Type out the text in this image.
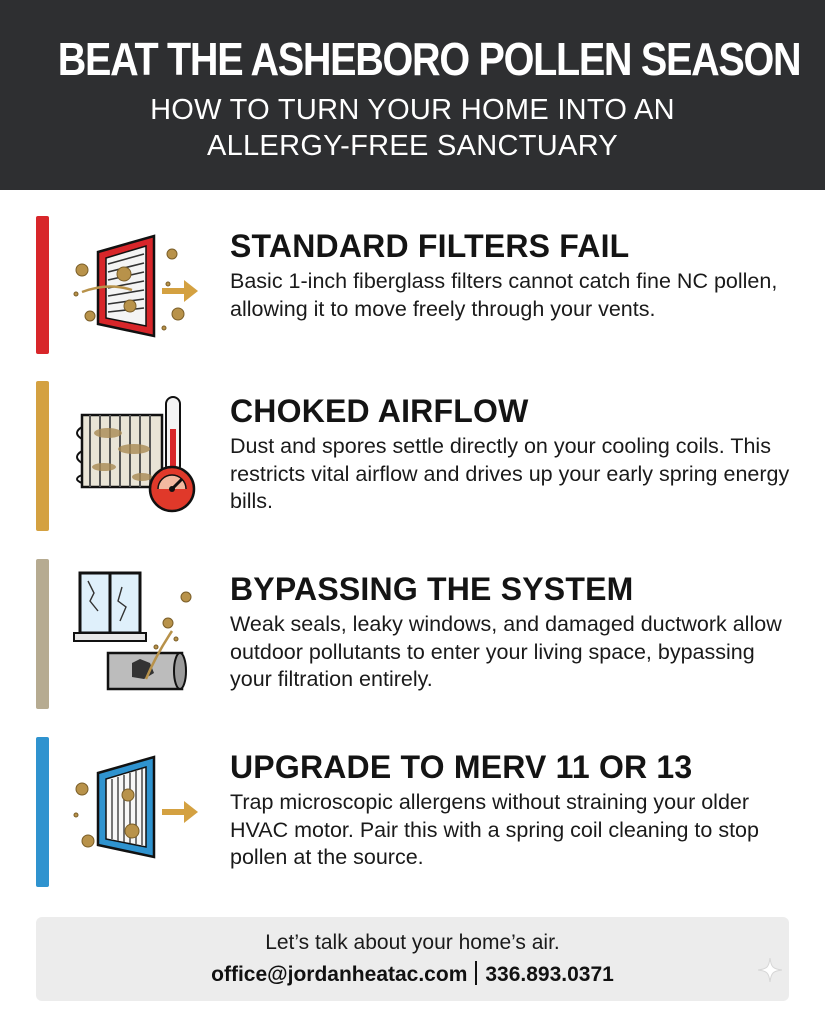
BEAT THE ASHEBORO POLLEN SEASON
HOW TO TURN YOUR HOME INTO AN
ALLERGY-FREE SANCTUARY
STANDARD FILTERS FAIL
Basic 1-inch fiberglass filters cannot catch fine NC pollen, allowing it to move freely through your vents.
CHOKED AIRFLOW
Dust and spores settle directly on your cooling coils. This restricts vital airflow and drives up your early spring energy bills.
BYPASSING THE SYSTEM
Weak seals, leaky windows, and damaged ductwork allow outdoor pollutants to enter your living space, bypassing your filtration entirely.
UPGRADE TO MERV 11 OR 13
Trap microscopic allergens without straining your older HVAC motor. Pair this with a spring coil cleaning to stop pollen at the source.
Let’s talk about your home’s air.
office@jordanheatac.com 336.893.0371
